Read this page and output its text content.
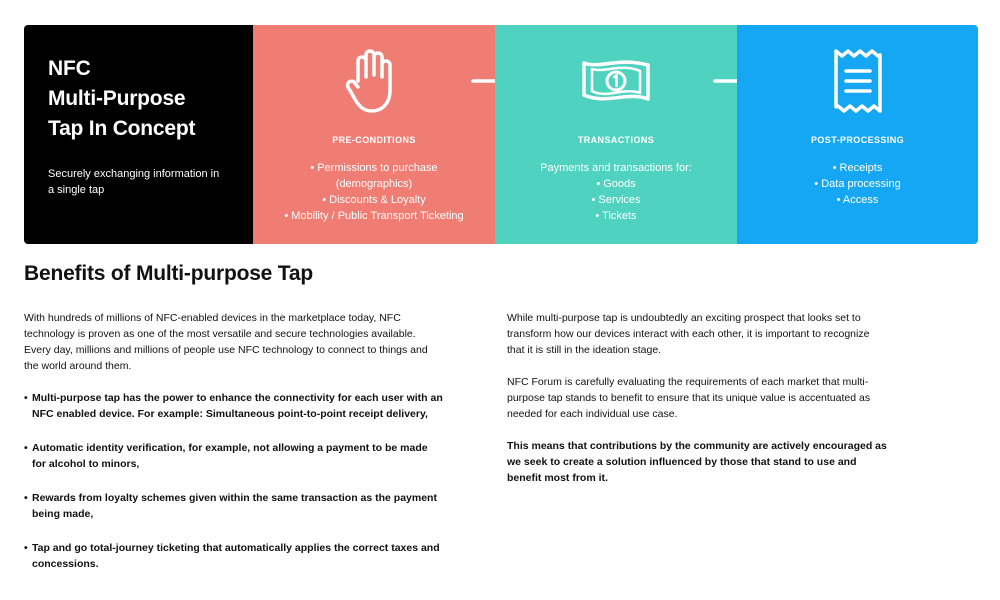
NFC
Multi-Purpose
Tap In Concept

Securely exchanging information in a single tap

PRE-CONDITIONS
• Permissions to purchase
(demographics)
• Discounts & Loyalty
• Mobility / Public Transport Ticketing
TRANSACTIONS
Payments and transactions for:
• Goods
• Services
• Tickets
POST-PROCESSING
• Receipts
• Data processing
• Access
Benefits of Multi-purpose Tap

With hundreds of millions of NFC-enabled devices in the marketplace today, NFC technology is proven as one of the most versatile and secure technologies available. Every day, millions and millions of people use NFC technology to connect to things and the world around them.

• Multi-purpose tap has the power to enhance the connectivity for each user with an NFC enabled device. For example: Simultaneous point-to-point receipt delivery,
• Automatic identity verification, for example, not allowing a payment to be made for alcohol to minors,
• Rewards from loyalty schemes given within the same transaction as the payment being made,
• Tap and go total-journey ticketing that automatically applies the correct taxes and concessions.

While multi-purpose tap is undoubtedly an exciting prospect that looks set to transform how our devices interact with each other, it is important to recognize that it is still in the ideation stage.

NFC Forum is carefully evaluating the requirements of each market that multi-purpose tap stands to benefit to ensure that its unique value is accentuated as needed for each individual use case.

This means that contributions by the community are actively encouraged as we seek to create a solution influenced by those that stand to use and benefit most from it.
